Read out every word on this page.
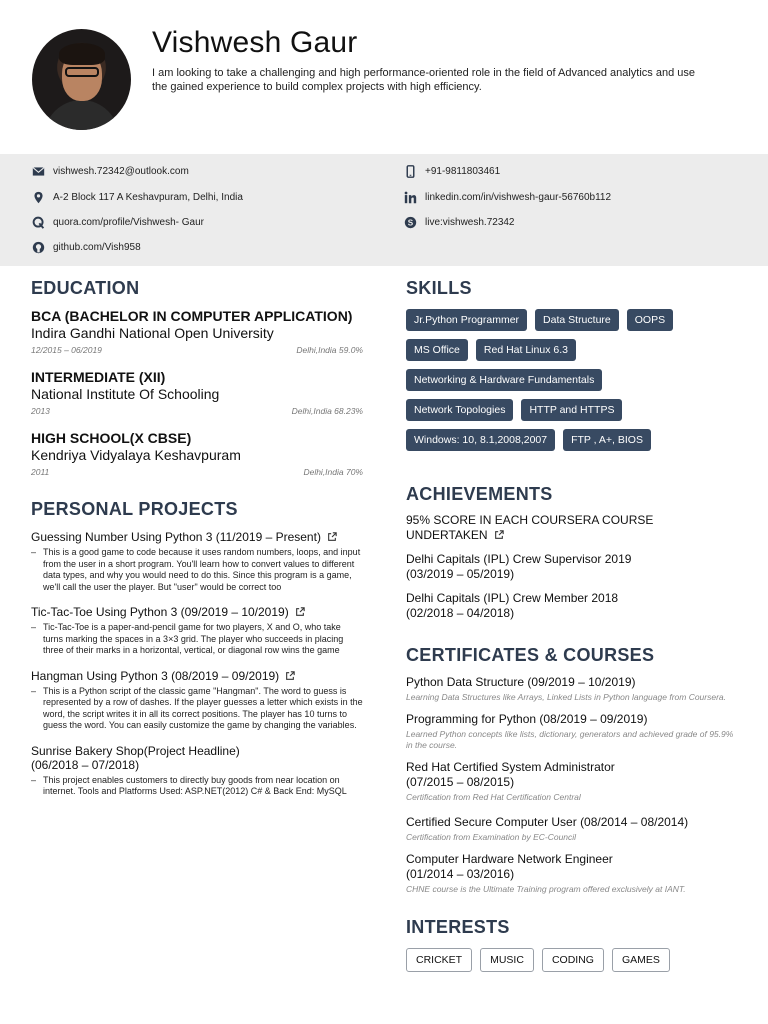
Vishwesh Gaur
I am looking to take a challenging and high performance-oriented role in the field of Advanced analytics and use the gained experience to build complex projects with high efficiency.
vishwesh.72342@outlook.com
A-2 Block 117 A Keshavpuram, Delhi, India
quora.com/profile/Vishwesh- Gaur
github.com/Vish958
+91-9811803461
linkedin.com/in/vishwesh-gaur-56760b112
S live:vishwesh.72342
EDUCATION
BCA (BACHELOR IN COMPUTER APPLICATION)
Indira Gandhi National Open University
12/2015 – 06/2019	Delhi,India 59.0%
INTERMEDIATE (XII)
National Institute Of Schooling
2013	Delhi,India 68.23%
HIGH SCHOOL(X CBSE)
Kendriya Vidyalaya Keshavpuram
2011	Delhi,India 70%
PERSONAL PROJECTS
Guessing Number Using Python 3 (11/2019 – Present)
– This is a good game to code because it uses random numbers, loops, and input from the user in a short program. You'll learn how to convert values to different data types, and why you would need to do this. Since this program is a game, we'll call the user the player. But "user" would be correct too
Tic-Tac-Toe Using Python 3 (09/2019 – 10/2019)
– Tic-Tac-Toe is a paper-and-pencil game for two players, X and O, who take turns marking the spaces in a 3×3 grid. The player who succeeds in placing three of their marks in a horizontal, vertical, or diagonal row wins the game
Hangman Using Python 3 (08/2019 – 09/2019)
– This is a Python script of the classic game "Hangman". The word to guess is represented by a row of dashes. If the player guesses a letter which exists in the word, the script writes it in all its correct positions. The player has 10 turns to guess the word. You can easily customize the game by changing the variables.
Sunrise Bakery Shop(Project Headline)
(06/2018 – 07/2018)
– This project enables customers to directly buy goods from near location on internet. Tools and Platforms Used: ASP.NET(2012) C# & Back End: MySQL
SKILLS
Jr.Python Programmer	Data Structure	OOPS
MS Office	Red Hat Linux 6.3
Networking & Hardware Fundamentals
Network Topologies	HTTP and HTTPS
Windows: 10, 8.1,2008,2007	FTP , A+, BIOS
ACHIEVEMENTS
95% SCORE IN EACH COURSERA COURSE
UNDERTAKEN
Delhi Capitals (IPL) Crew Supervisor 2019
(03/2019 – 05/2019)
Delhi Capitals (IPL) Crew Member 2018
(02/2018 – 04/2018)
CERTIFICATES & COURSES
Python Data Structure (09/2019 – 10/2019)
Learning Data Structures like Arrays, Linked Lists in Python language from Coursera.
Programming for Python (08/2019 – 09/2019)
Learned Python concepts like lists, dictionary, generators and achieved grade of 95.9% in the course.
Red Hat Certified System Administrator
(07/2015 – 08/2015)
Certification from Red Hat Certification Central
Certified Secure Computer User (08/2014 – 08/2014)
Certification from Examination by EC-Council
Computer Hardware Network Engineer
(01/2014 – 03/2016)
CHNE course is the Ultimate Training program offered exclusively at IANT.
INTERESTS
CRICKET	MUSIC	CODING	GAMES
